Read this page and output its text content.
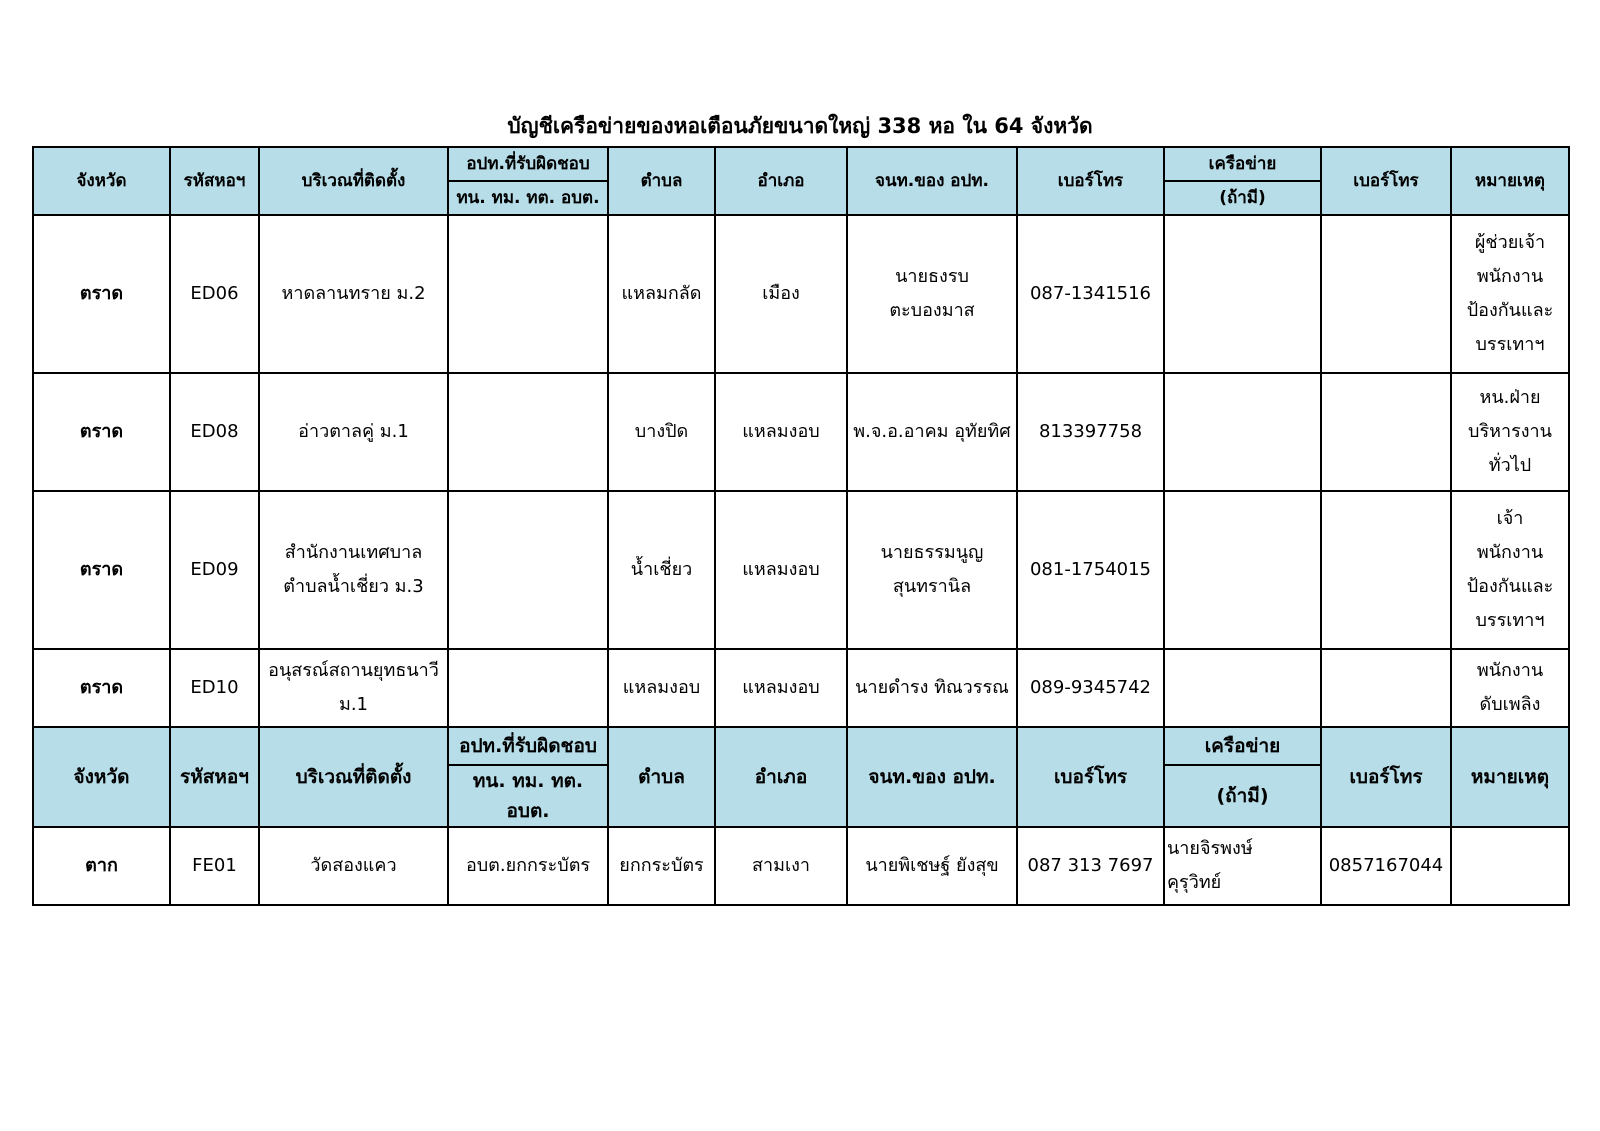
บัญชีเครือข่ายของหอเตือนภัยขนาดใหญ่ 338 หอ ใน 64 จังหวัด
จังหวัด	รหัสหอฯ	บริเวณที่ติดตั้ง	อปท.ที่รับผิดชอบ	ตำบล	อำเภอ	จนท.ของ อปท.	เบอร์โทร	เครือข่าย	เบอร์โทร	หมายเหตุ
			ทน. ทม. ทต. อบต.					(ถ้ามี)		
ตราด	ED06	หาดลานทราย ม.2		แหลมกลัด	เมือง	นายธงรบ
ตะบองมาส	087-1341516			ผู้ช่วยเจ้า
พนักงาน
ป้องกันและ
บรรเทาฯ

ตราด	ED08	อ่าวตาลคู่ ม.1		บางปิด	แหลมงอบ	พ.จ.อ.อาคม อุทัยทิศ	813397758			หน.ฝ่าย
บริหารงาน
ทั่วไป

ตราด	ED09	สำนักงานเทศบาล
ตำบลน้ำเชี่ยว ม.3		น้ำเชี่ยว	แหลมงอบ	นายธรรมนูญ
สุนทรานิล	081-1754015			เจ้า
พนักงาน
ป้องกันและ
บรรเทาฯ

ตราด	ED10	อนุสรณ์สถานยุทธนาวี
ม.1		แหลมงอบ	แหลมงอบ	นายดำรง ทิณวรรณ	089-9345742			พนักงาน
ดับเพลิง

จังหวัด	รหัสหอฯ	บริเวณที่ติดตั้ง	อปท.ที่รับผิดชอบ	ตำบล	อำเภอ	จนท.ของ อปท.	เบอร์โทร	เครือข่าย	เบอร์โทร	หมายเหตุ
			ทน. ทม. ทต. อบต.					(ถ้ามี)		
ตาก	FE01	วัดสองแคว	อบต.ยกกระบัตร	ยกกระบัตร	สามเงา	นายพิเชษฐ์ ยังสุข	087 313 7697	นายจิรพงษ์
คุรุวิทย์	0857167044	
